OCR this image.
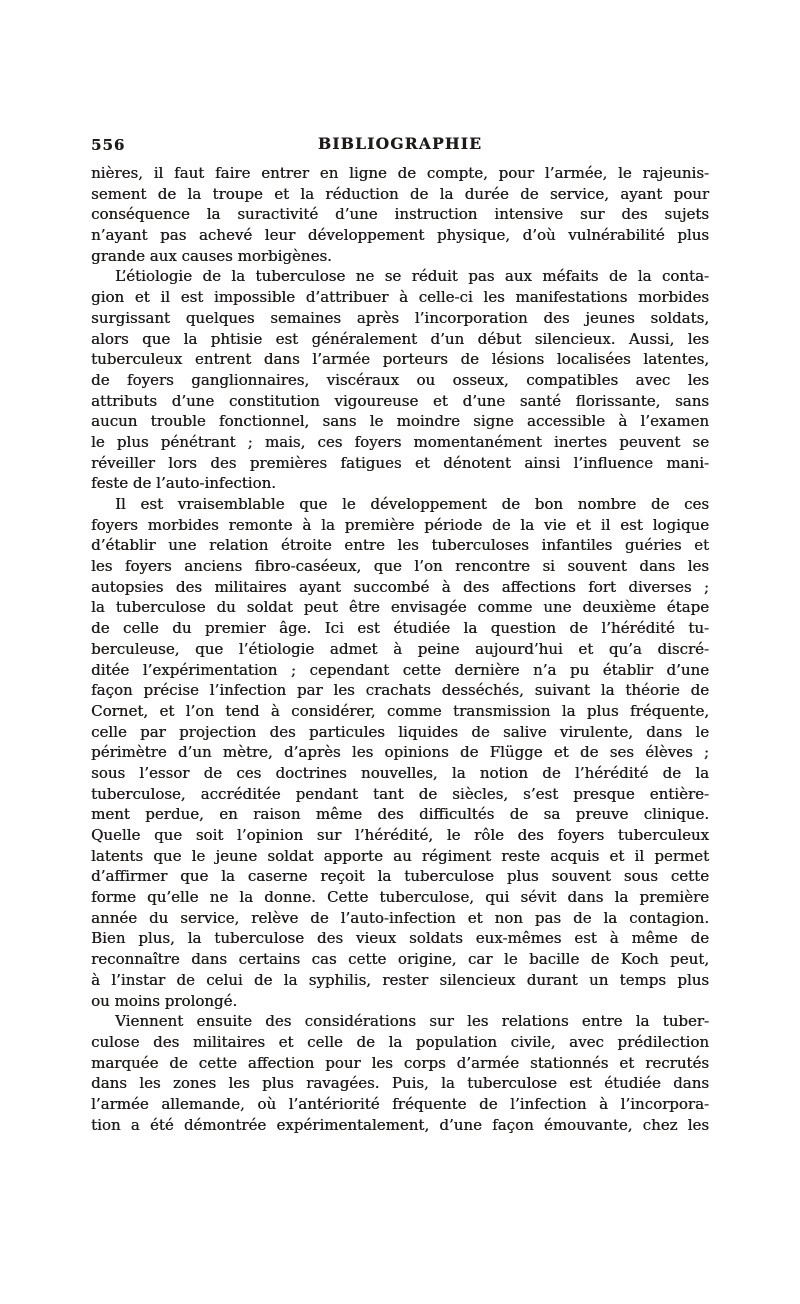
556	BIBLIOGRAPHIE
nières, il faut faire entrer en ligne de compte, pour l’armée, le rajeunis-
sement de la troupe et la réduction de la durée de service, ayant pour
conséquence la suractivité d’une instruction intensive sur des sujets
n’ayant pas achevé leur développement physique, d’où vulnérabilité plus
grande aux causes morbigènes.
L’étiologie de la tuberculose ne se réduit pas aux méfaits de la conta-
gion et il est impossible d’attribuer à celle-ci les manifestations morbides
surgissant quelques semaines après l’incorporation des jeunes soldats,
alors que la phtisie est généralement d’un début silencieux. Aussi, les
tuberculeux entrent dans l’armée porteurs de lésions localisées latentes,
de foyers ganglionnaires, viscéraux ou osseux, compatibles avec les
attributs d’une constitution vigoureuse et d’une santé florissante, sans
aucun trouble fonctionnel, sans le moindre signe accessible à l’examen
le plus pénétrant ; mais, ces foyers momentanément inertes peuvent se
réveiller lors des premières fatigues et dénotent ainsi l’influence mani-
feste de l’auto-infection.
Il est vraisemblable que le développement de bon nombre de ces
foyers morbides remonte à la première période de la vie et il est logique
d’établir une relation étroite entre les tuberculoses infantiles guéries et
les foyers anciens fibro-caséeux, que l’on rencontre si souvent dans les
autopsies des militaires ayant succombé à des affections fort diverses ;
la tuberculose du soldat peut être envisagée comme une deuxième étape
de celle du premier âge. Ici est étudiée la question de l’hérédité tu-
berculeuse, que l’étiologie admet à peine aujourd’hui et qu’a discré-
ditée l’expérimentation ; cependant cette dernière n’a pu établir d’une
façon précise l’infection par les crachats desséchés, suivant la théorie de
Cornet, et l’on tend à considérer, comme transmission la plus fréquente,
celle par projection des particules liquides de salive virulente, dans le
périmètre d’un mètre, d’après les opinions de Flügge et de ses élèves ;
sous l’essor de ces doctrines nouvelles, la notion de l’hérédité de la
tuberculose, accréditée pendant tant de siècles, s’est presque entière-
ment perdue, en raison même des difficultés de sa preuve clinique.
Quelle que soit l’opinion sur l’hérédité, le rôle des foyers tuberculeux
latents que le jeune soldat apporte au régiment reste acquis et il permet
d’affirmer que la caserne reçoit la tuberculose plus souvent sous cette
forme qu’elle ne la donne. Cette tuberculose, qui sévit dans la première
année du service, relève de l’auto-infection et non pas de la contagion.
Bien plus, la tuberculose des vieux soldats eux-mêmes est à même de
reconnaître dans certains cas cette origine, car le bacille de Koch peut,
à l’instar de celui de la syphilis, rester silencieux durant un temps plus
ou moins prolongé.
Viennent ensuite des considérations sur les relations entre la tuber-
culose des militaires et celle de la population civile, avec prédilection
marquée de cette affection pour les corps d’armée stationnés et recrutés
dans les zones les plus ravagées. Puis, la tuberculose est étudiée dans
l’armée allemande, où l’antériorité fréquente de l’infection à l’incorpora-
tion a été démontrée expérimentalement, d’une façon émouvante, chez les
